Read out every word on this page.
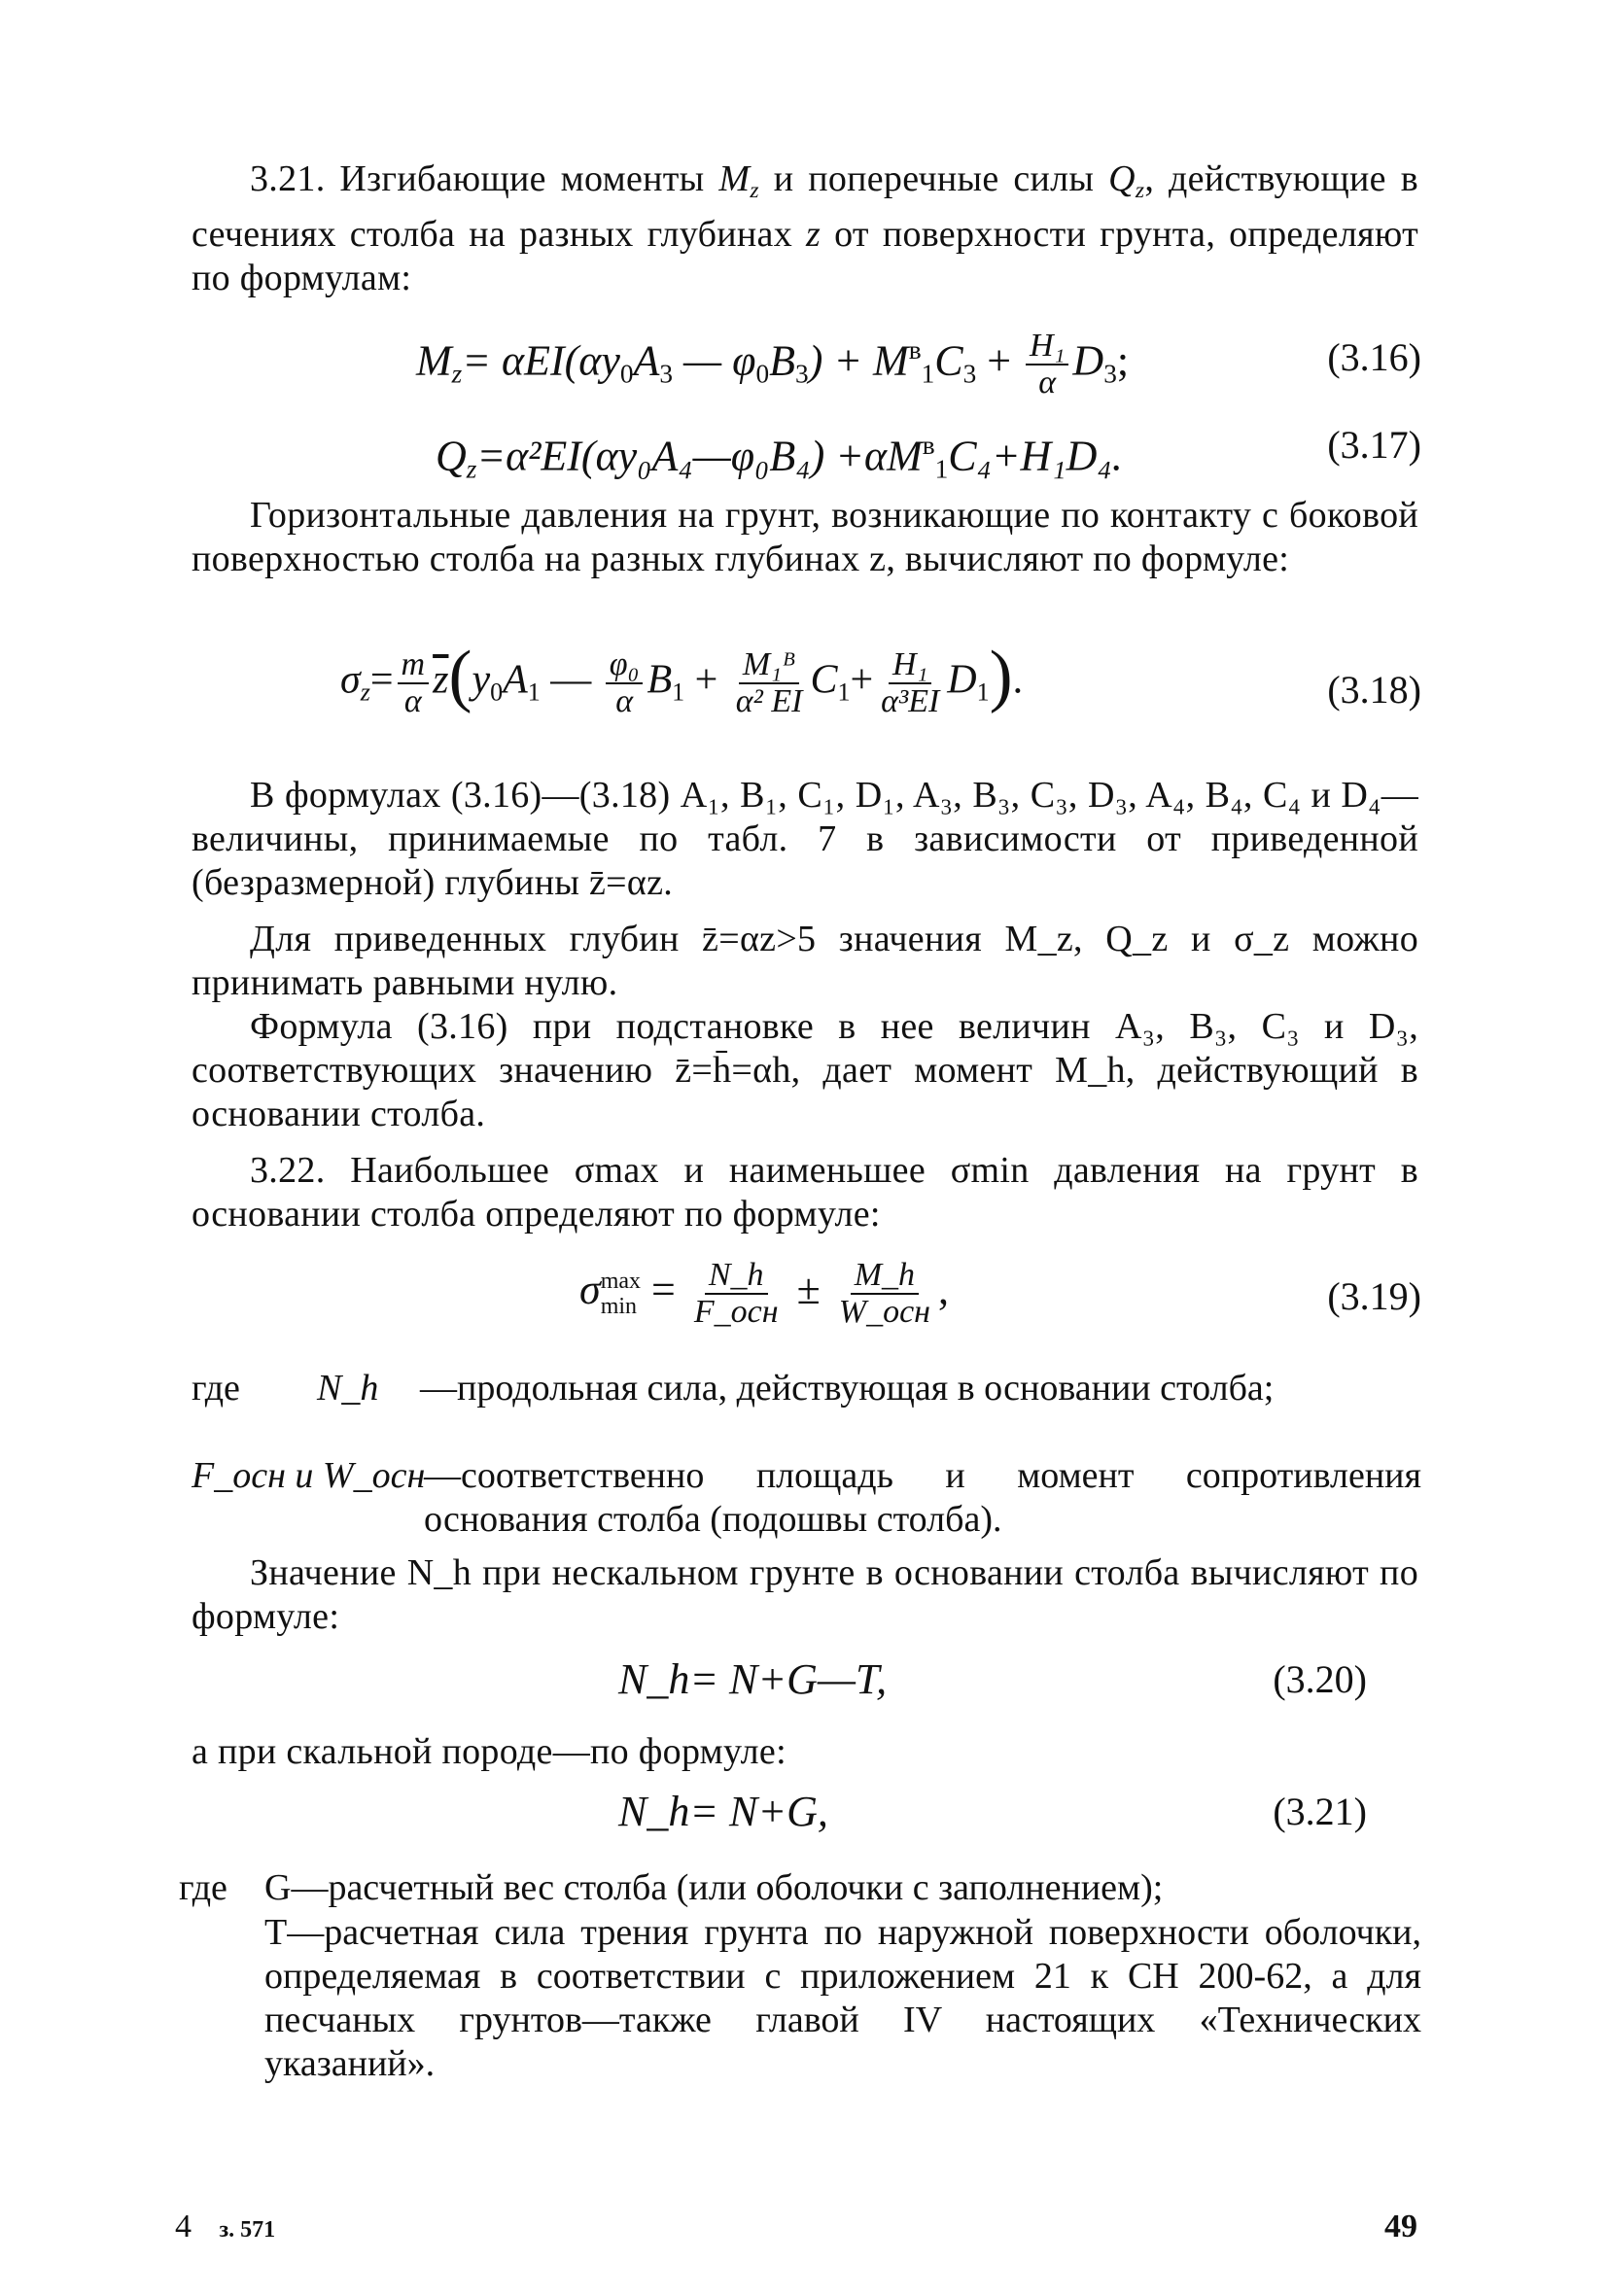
3.21. Изгибающие моменты $M_z$ и поперечные силы $Q_z$, действующие в сечениях столба на разных глубинах z от поверхности грунта, определяют по формулам:

$M_z= \alpha EI(\alpha y_0A_3$ — $\varphi_0B_3) + M^в_1C_3 + \frac{\text{H₁}}{\alpha} D_3$;	(3.16)
$Q_z=\alpha^2EI(\alpha y_0A_4—\varphi_0B_4) +\alpha M^в_1C_4+H_1D_4$.	(3.17)

Горизонтальные давления на грунт, возникающие по контакту с боковой поверхностью столба на разных глубинах z, вычисляют по формуле:

$\sigma_z= \frac{m}{\alpha} \overline{z}(y_0A_1$ — $\frac{\text{φ₀}}{\alpha} B_1 + \frac{\text{M₁ᴮ}}{\text{α² EI}} C_1+ \frac{\text{H₁}}{\text{α³EI}} D_1$).	(3.18)

В формулах (3.16)—(3.18) A₁, B₁, C₁, D₁, A₃, B₃, C₃, D₃, A₄, B₄, C₄ и D₄—величины, принимаемые по табл. 7 в зависимости от приведенной (безразмерной) глубины z̄=αz.

Для приведенных глубин z̄=αz>5 значения M_z, Q_z и σ_z можно принимать равными нулю.

Формула (3.16) при подстановке в нее величин A₃, B₃, C₃ и D₃, соответствующих значению z̄=h̄=αh, дает момент M_h, действующий в основании столба.

3.22. Наибольшее σmax и наименьшее σmin давления на грунт в основании столба определяют по формуле:

σ max
$\min = \frac{N\_h}{\text{F\_осн}} \pm \frac{M\_h}{\text{W\_осн}}$ ,	(3.19)
где N_h —продольная сила, действующая в основании столба;
F_осн и W_осн
—соответственно площадь и момент сопротивления основания столба (подошвы столба).

Значение N_h при нескальном грунте в основании столба вычисляют по формуле:

N_h= N+G—T,	(3.20)

а при скальной породе—по формуле:

N_h= N+G,	(3.21)
где G—расчетный вес столба (или оболочки с заполнением);
T—расчетная сила трения грунта по наружной поверхности оболочки, определяемая в соответствии с приложением 21 к СН 200-62, а для песчаных грунтов—также главой IV настоящих «Технических указаний».
4 з. 571	49
